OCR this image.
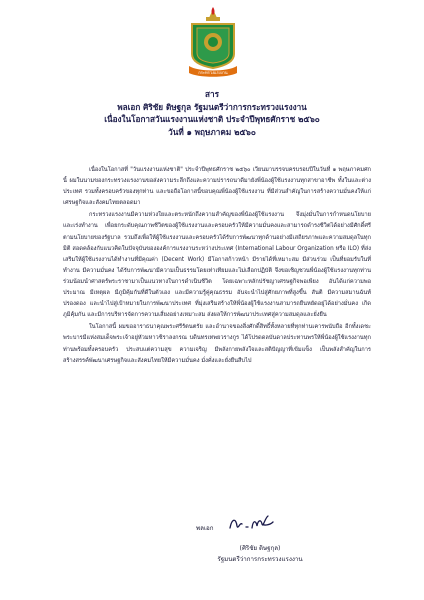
กระทรวงแรงงาน
สาร
พลเอก ศิริชัย ดิษฐกุล รัฐมนตรีว่าการกระทรวงแรงงาน
เนื่องในโอกาสวันแรงงานแห่งชาติ ประจำปีพุทธศักราช ๒๕๖๐
วันที่ ๑ พฤษภาคม ๒๕๖๐

เนื่องในโอกาสที่ "วันแรงงานแห่งชาติ" ประจำปีพุทธศักราช ๒๕๖๐ เวียนมาบรรจบครบรอบปีในวันที่ ๑ พฤษภาคมศกนี้ ผมในนามของกระทรวงแรงงานขอส่งความระลึกถึงและความปรารถนาดีมายังพี่น้องผู้ใช้แรงงานทุกสาขาอาชีพ ทั้งในและต่างประเทศ รวมทั้งครอบครัวของทุกท่าน และขอถือโอกาสนี้ขอบคุณพี่น้องผู้ใช้แรงงาน ที่มีส่วนสำคัญในการสร้างความมั่นคงให้แก่เศรษฐกิจและสังคมไทยตลอดมา

กระทรวงแรงงานมีความห่วงใยและตระหนักถึงความสำคัญของพี่น้องผู้ใช้แรงงาน จึงมุ่งมั่นในการกำหนดนโยบายและเร่งทำงาน เพื่อยกระดับคุณภาพชีวิตของผู้ใช้แรงงานและครอบครัวให้มีความมั่นคงและสามารถดำรงชีวิตได้อย่างมีศักดิ์ศรีตามนโยบายของรัฐบาล รวมถึงเพื่อให้ผู้ใช้แรงงานและครอบครัวได้รับการพัฒนาทุกด้านอย่างมีเสถียรภาพและความสมดุลในทุกมิติ สอดคล้องกับแนวคิดในปัจจุบันขององค์การแรงงานระหว่างประเทศ (International Labour Organization หรือ ILO) ที่ส่งเสริมให้ผู้ใช้แรงงานได้ทำงานที่มีคุณค่า (Decent Work) มีโอกาสก้าวหน้า มีรายได้ที่เหมาะสม มีส่วนร่วม เป็นที่ยอมรับในที่ทำงาน มีความมั่นคง ได้รับการพัฒนามีความเป็นธรรมโดยเท่าเทียมและไม่เลือกปฏิบัติ จึงขอเชิญชวนพี่น้องผู้ใช้แรงงานทุกท่านร่วมน้อมนำศาสตร์พระราชามาเป็นแนวทางในการดำเนินชีวิต โดยเฉพาะหลักปรัชญาเศรษฐกิจพอเพียง อันได้แก่ความพอประมาณ มีเหตุผล มีภูมิคุ้มกันที่ดีในตัวเอง และมีความรู้คู่คุณธรรม อันจะนำไปสู่ศักยภาพที่สูงขึ้น สันติ มีความสมานฉันท์ปรองดอง และนำไปสู่เป้าหมายในการพัฒนาประเทศ ที่มุ่งเสริมสร้างให้พี่น้องผู้ใช้แรงงานสามารถยืนหยัดอยู่ได้อย่างมั่นคง เกิดภูมิคุ้มกัน และมีการบริหารจัดการความเสี่ยงอย่างเหมาะสม ส่งผลให้การพัฒนาประเทศสู่ความสมดุลและยั่งยืน

ในโอกาสนี้ ผมขออาราธนาคุณพระศรีรัตนตรัย และอำนาจของสิ่งศักดิ์สิทธิ์ทั้งหลายที่ทุกท่านเคารพนับถือ อีกทั้งเดชะพระบารมีแห่งสมเด็จพระเจ้าอยู่หัวมหาวชิราลงกรณ บดินทรเทพยวรางกูร ได้โปรดดลบันดาลประทานพรให้พี่น้องผู้ใช้แรงงานทุกท่านพร้อมทั้งครอบครัว ประสบแต่ความสุข ความเจริญ มีพลังกายพลังใจและสติปัญญาที่เข้มแข็ง เป็นพลังสำคัญในการสร้างสรรค์พัฒนาเศรษฐกิจและสังคมไทยให้มีความมั่นคง มั่งคั่งและยั่งยืนสืบไป

พลเอก
(ศิริชัย ดิษฐกุล)
รัฐมนตรีว่าการกระทรวงแรงงาน
